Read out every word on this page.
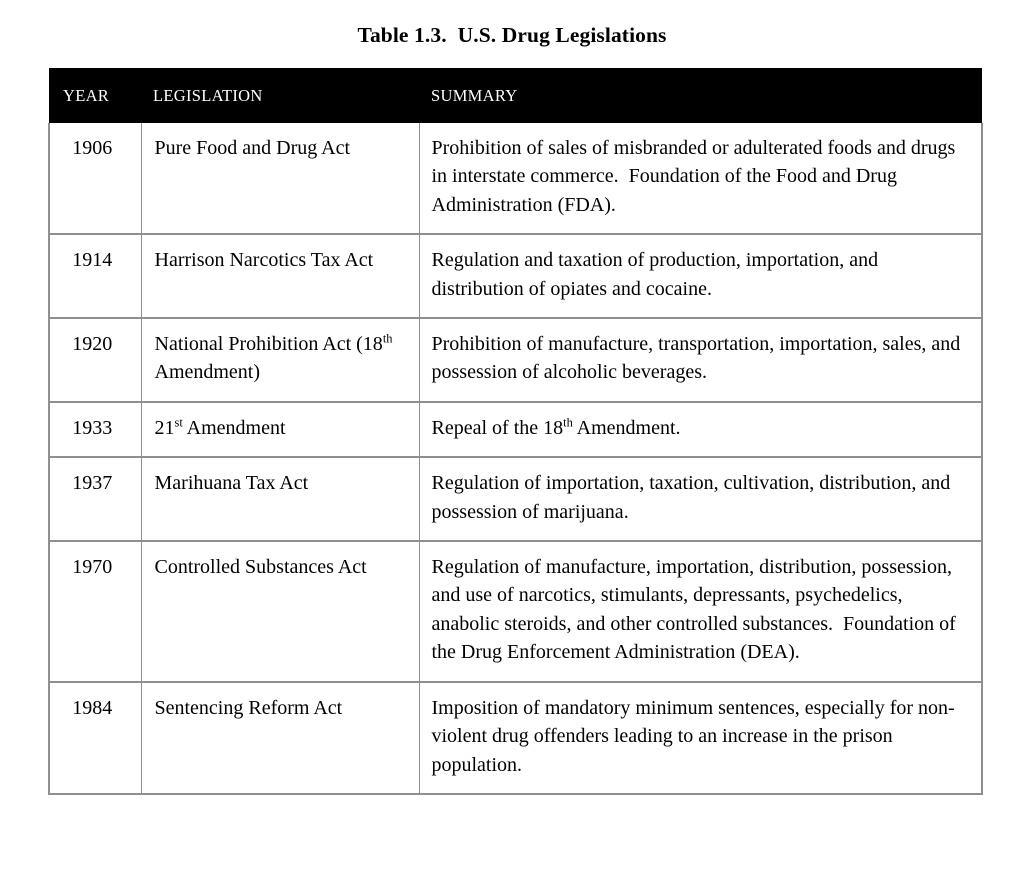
Table 1.3.  U.S. Drug Legislations
YEAR	LEGISLATION	SUMMARY
1906	Pure Food and Drug Act	Prohibition of sales of misbranded or adulterated foods and drugs in interstate commerce.  Foundation of the Food and Drug Administration (FDA).
1914	Harrison Narcotics Tax Act	Regulation and taxation of production, importation, and distribution of opiates and cocaine.
1920	National Prohibition Act (18th Amendment)	Prohibition of manufacture, transportation, importation, sales, and possession of alcoholic beverages.
1933	21st Amendment	Repeal of the 18th Amendment.
1937	Marihuana Tax Act	Regulation of importation, taxation, cultivation, distribution, and possession of marijuana.
1970	Controlled Substances Act	Regulation of manufacture, importation, distribution, possession, and use of narcotics, stimulants, depressants, psychedelics, anabolic steroids, and other controlled substances.  Foundation of the Drug Enforcement Administration (DEA).
1984	Sentencing Reform Act	Imposition of mandatory minimum sentences, especially for non-violent drug offenders leading to an increase in the prison population.
